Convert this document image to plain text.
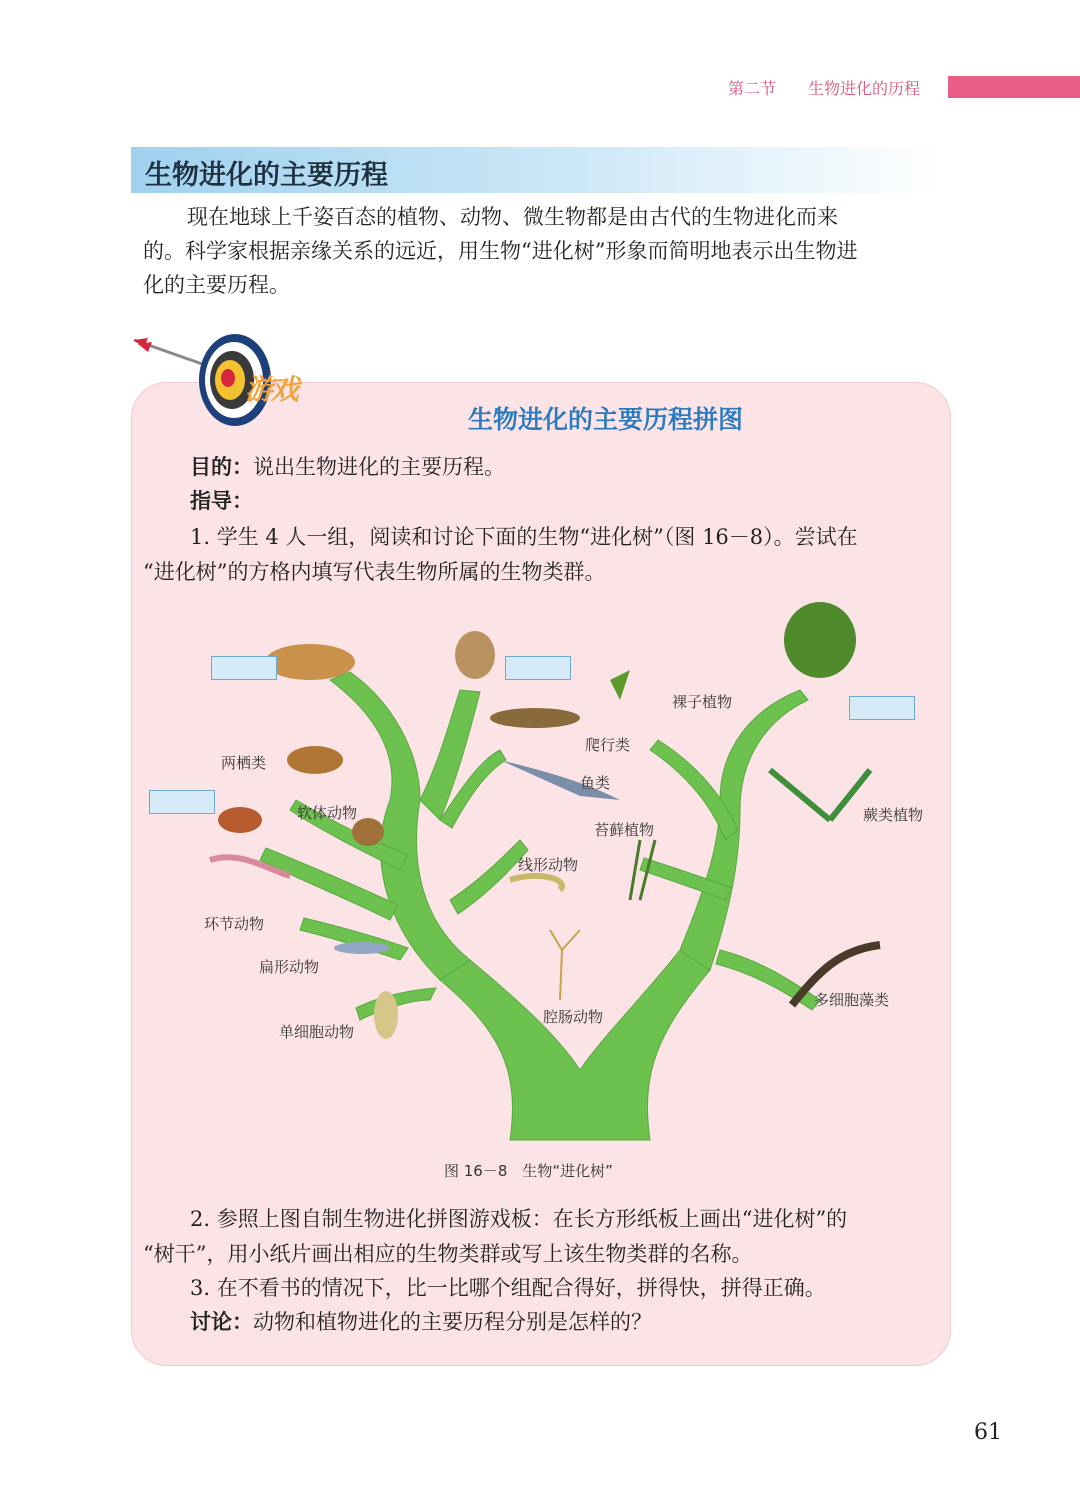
第二节 生物进化的历程
生物进化的主要历程

现在地球上千姿百态的植物、动物、微生物都是由古代的生物进化而来

的。科学家根据亲缘关系的远近，用生物“进化树”形象而简明地表示出生物进
化的主要历程。
游戏
生物进化的主要历程拼图
目的：说出生物进化的主要历程。
指导：
1. 学生 4 人一组，阅读和讨论下面的生物“进化树”（图 16－8）。尝试在
“进化树”的方格内填写代表生物所属的生物类群。
两栖类
软体动物
环节动物
扁形动物
单细胞动物
爬行类
鱼类
线形动物
腔肠动物
裸子植物
蕨类植物
苔藓植物
多细胞藻类
图 16－8　生物“进化树”
2. 参照上图自制生物进化拼图游戏板：在长方形纸板上画出“进化树”的
“树干”，用小纸片画出相应的生物类群或写上该生物类群的名称。
3. 在不看书的情况下，比一比哪个组配合得好，拼得快，拼得正确。
讨论：动物和植物进化的主要历程分别是怎样的？
61
